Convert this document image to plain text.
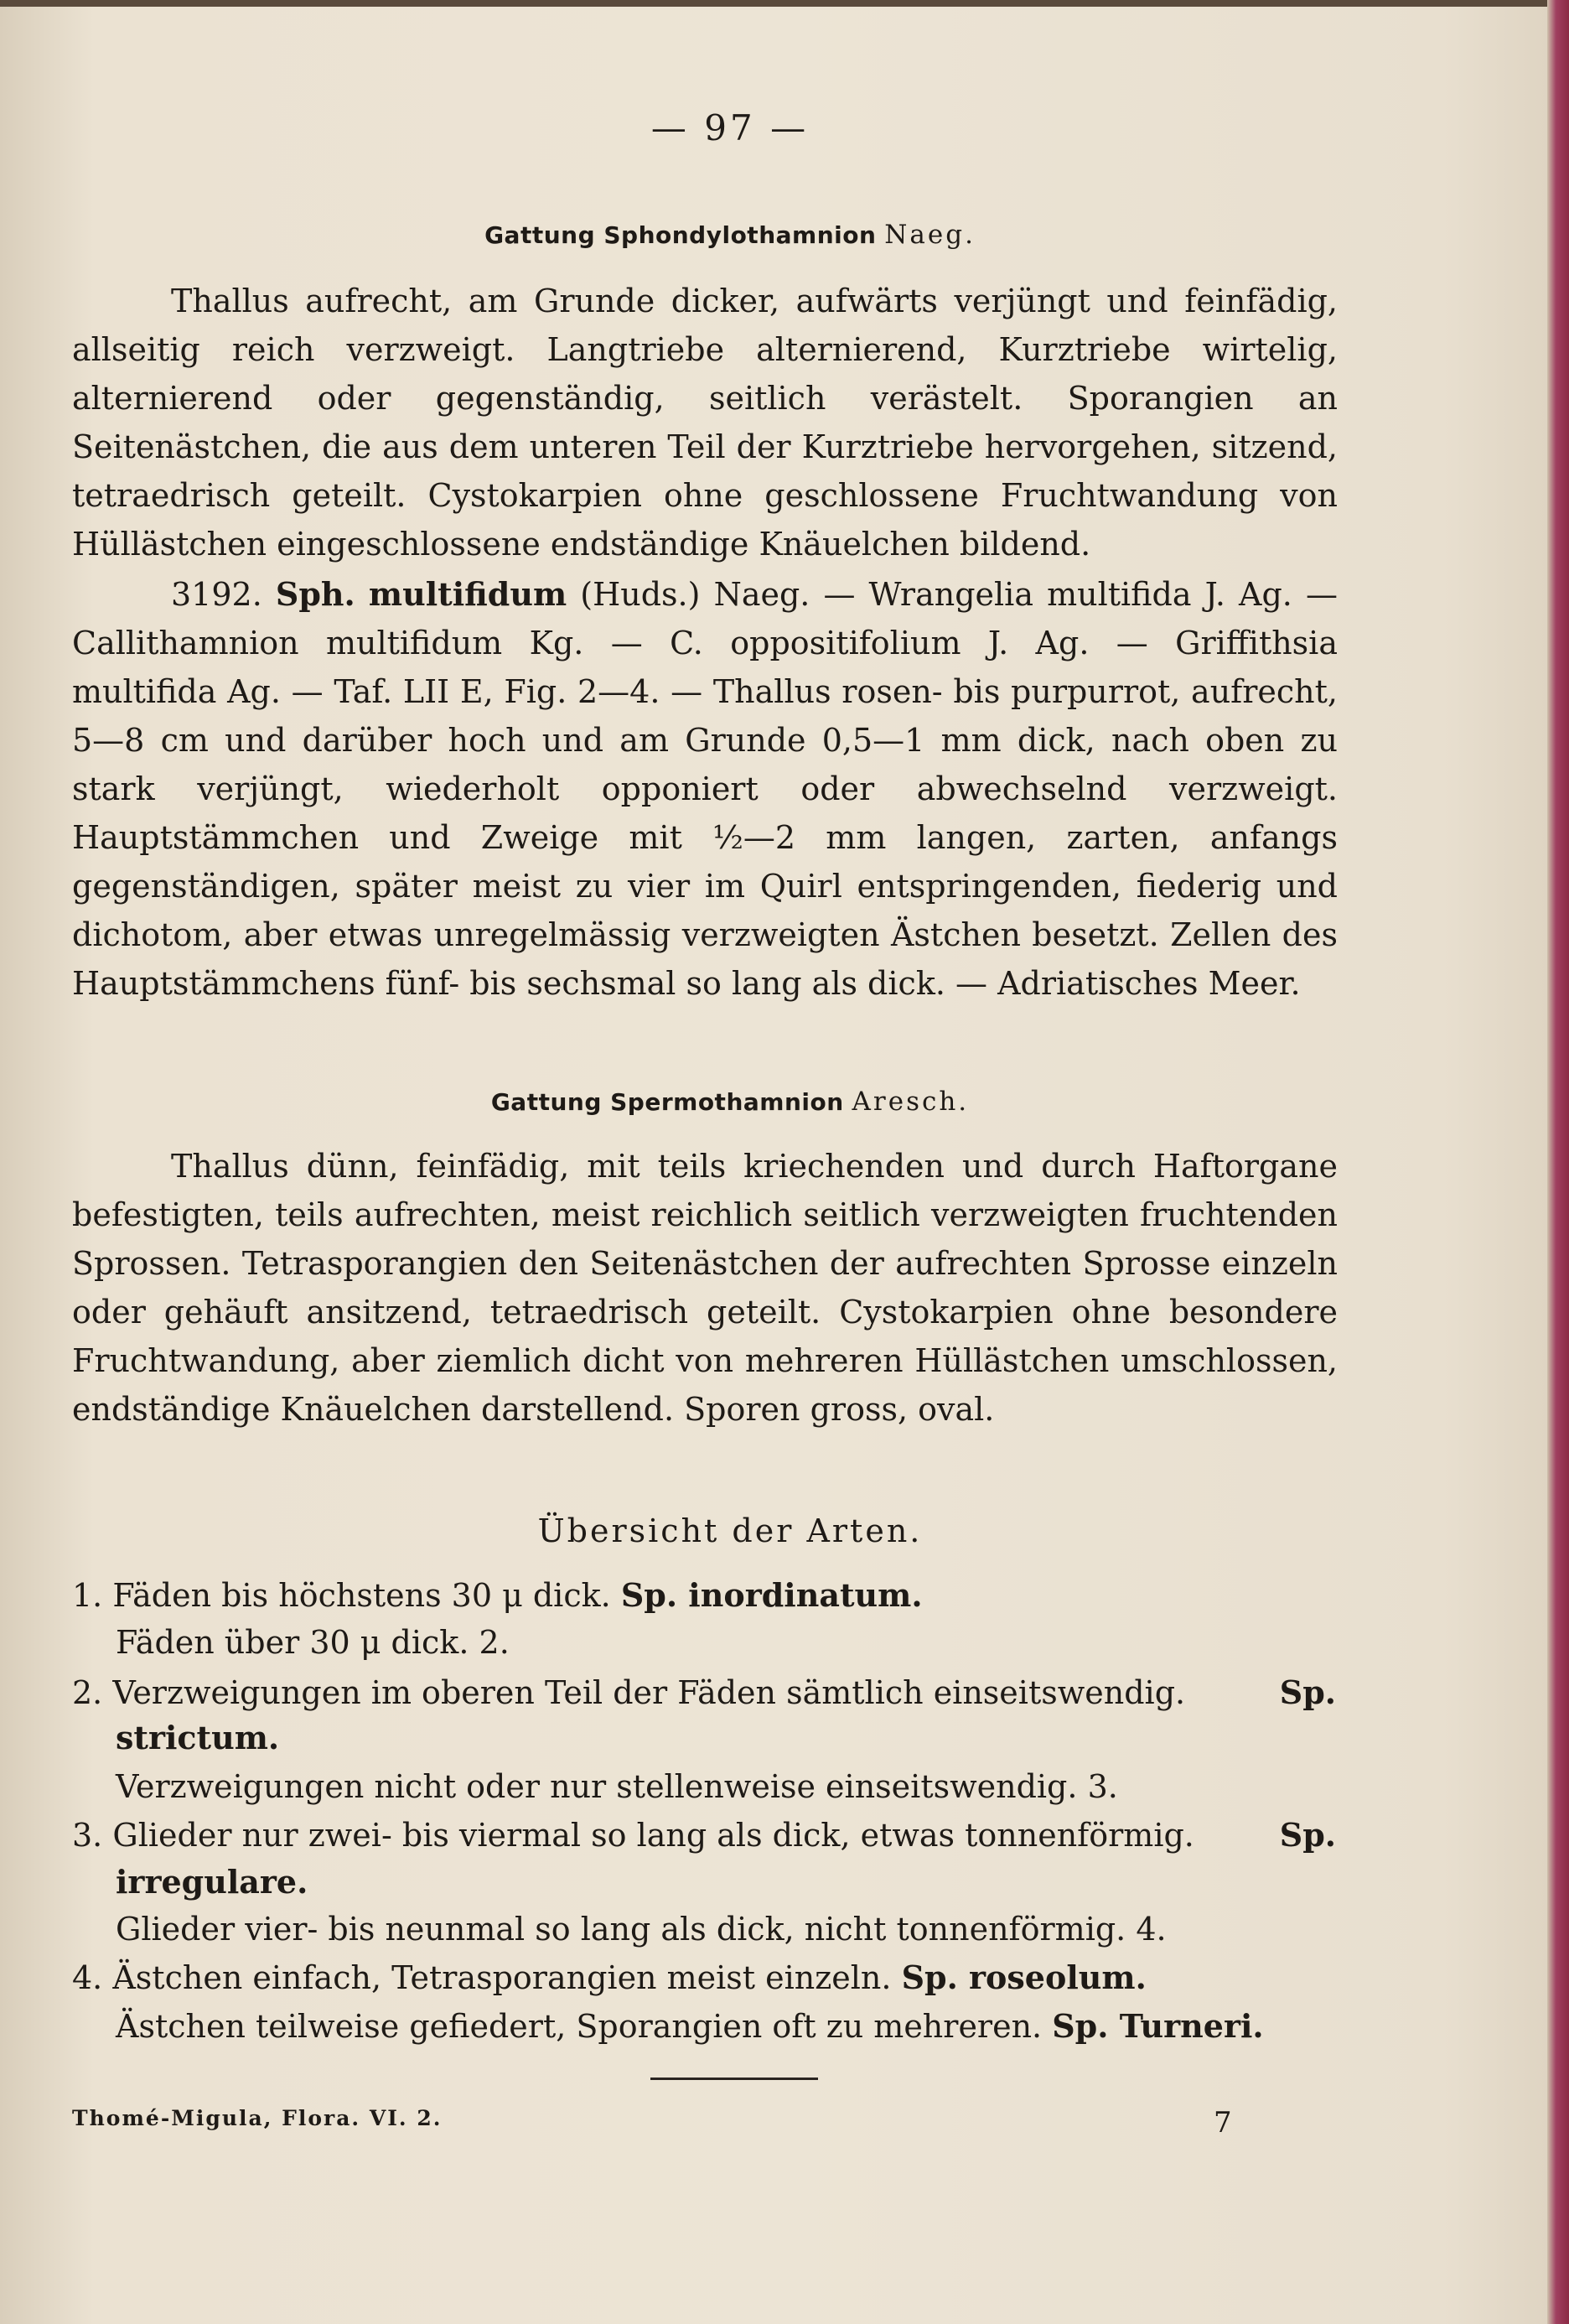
— 97 —
Gattung Sphondylothamnion Naeg.
Thallus aufrecht, am Grunde dicker, aufwärts verjüngt und feinfädig, allseitig reich verzweigt. Langtriebe alternierend, Kurztriebe wirtelig, alternierend oder gegenständig, seitlich verästelt. Sporangien an Seitenästchen, die aus dem unteren Teil der Kurztriebe hervorgehen, sitzend, tetraedrisch geteilt. Cystokarpien ohne geschlossene Fruchtwandung von Hüllästchen eingeschlossene endständige Knäuelchen bildend.
3192. Sph. multifidum (Huds.) Naeg. — Wrangelia multifida J. Ag. — Callithamnion multifidum Kg. — C. oppositifolium J. Ag. — Griffithsia multifida Ag. — Taf. LII E, Fig. 2—4. — Thallus rosen- bis purpurrot, aufrecht, 5—8 cm und darüber hoch und am Grunde 0,5—1 mm dick, nach oben zu stark verjüngt, wiederholt opponiert oder abwechselnd verzweigt. Hauptstämmchen und Zweige mit ½—2 mm langen, zarten, anfangs gegenständigen, später meist zu vier im Quirl entspringenden, fiederig und dichotom, aber etwas unregelmässig verzweigten Ästchen besetzt. Zellen des Hauptstämmchens fünf- bis sechsmal so lang als dick. — Adriatisches Meer.
Gattung Spermothamnion Aresch.
Thallus dünn, feinfädig, mit teils kriechenden und durch Haftorgane befestigten, teils aufrechten, meist reichlich seitlich verzweigten fruchtenden Sprossen. Tetrasporangien den Seitenästchen der aufrechten Sprosse einzeln oder gehäuft ansitzend, tetraedrisch geteilt. Cystokarpien ohne besondere Fruchtwandung, aber ziemlich dicht von mehreren Hüllästchen umschlossen, endständige Knäuelchen darstellend. Sporen gross, oval.
Übersicht der Arten.
1. Fäden bis höchstens 30 μ dick. Sp. inordinatum.
Fäden über 30 μ dick. 2.
2. Verzweigungen im oberen Teil der Fäden sämtlich einseitswendig.	Sp.
strictum.
Verzweigungen nicht oder nur stellenweise einseitswendig. 3.
3. Glieder nur zwei- bis viermal so lang als dick, etwas tonnenförmig.	Sp.
irregulare.
Glieder vier- bis neunmal so lang als dick, nicht tonnenförmig. 4.
4. Ästchen einfach, Tetrasporangien meist einzeln. Sp. roseolum.
Ästchen teilweise gefiedert, Sporangien oft zu mehreren. Sp. Turneri.
Thomé-Migula, Flora. VI. 2.	7
